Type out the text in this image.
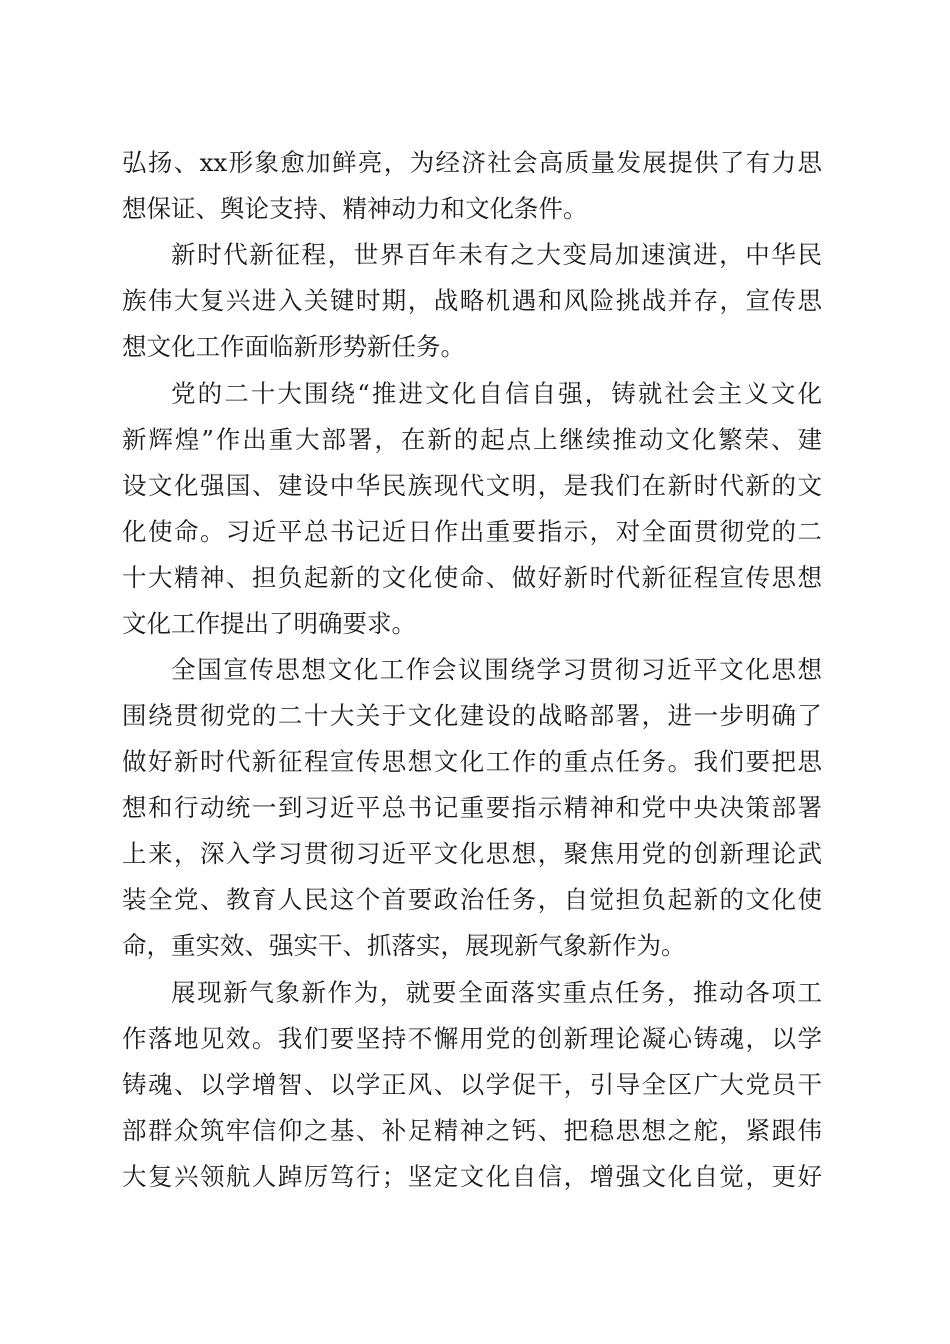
弘扬、xx形象愈加鲜亮，为经济社会高质量发展提供了有力思
想保证、舆论支持、精神动力和文化条件。
新时代新征程，世界百年未有之大变局加速演进，中华民
族伟大复兴进入关键时期，战略机遇和风险挑战并存，宣传思
想文化工作面临新形势新任务。
党的二十大围绕“推进文化自信自强，铸就社会主义文化
新辉煌”作出重大部署，在新的起点上继续推动文化繁荣、建
设文化强国、建设中华民族现代文明，是我们在新时代新的文
化使命。习近平总书记近日作出重要指示，对全面贯彻党的二
十大精神、担负起新的文化使命、做好新时代新征程宣传思想
文化工作提出了明确要求。
全国宣传思想文化工作会议围绕学习贯彻习近平文化思想
围绕贯彻党的二十大关于文化建设的战略部署，进一步明确了
做好新时代新征程宣传思想文化工作的重点任务。我们要把思
想和行动统一到习近平总书记重要指示精神和党中央决策部署
上来，深入学习贯彻习近平文化思想，聚焦用党的创新理论武
装全党、教育人民这个首要政治任务，自觉担负起新的文化使
命，重实效、强实干、抓落实，展现新气象新作为。
展现新气象新作为，就要全面落实重点任务，推动各项工
作落地见效。我们要坚持不懈用党的创新理论凝心铸魂，以学
铸魂、以学增智、以学正风、以学促干，引导全区广大党员干
部群众筑牢信仰之基、补足精神之钙、把稳思想之舵，紧跟伟
大复兴领航人踔厉笃行；坚定文化自信，增强文化自觉，更好
